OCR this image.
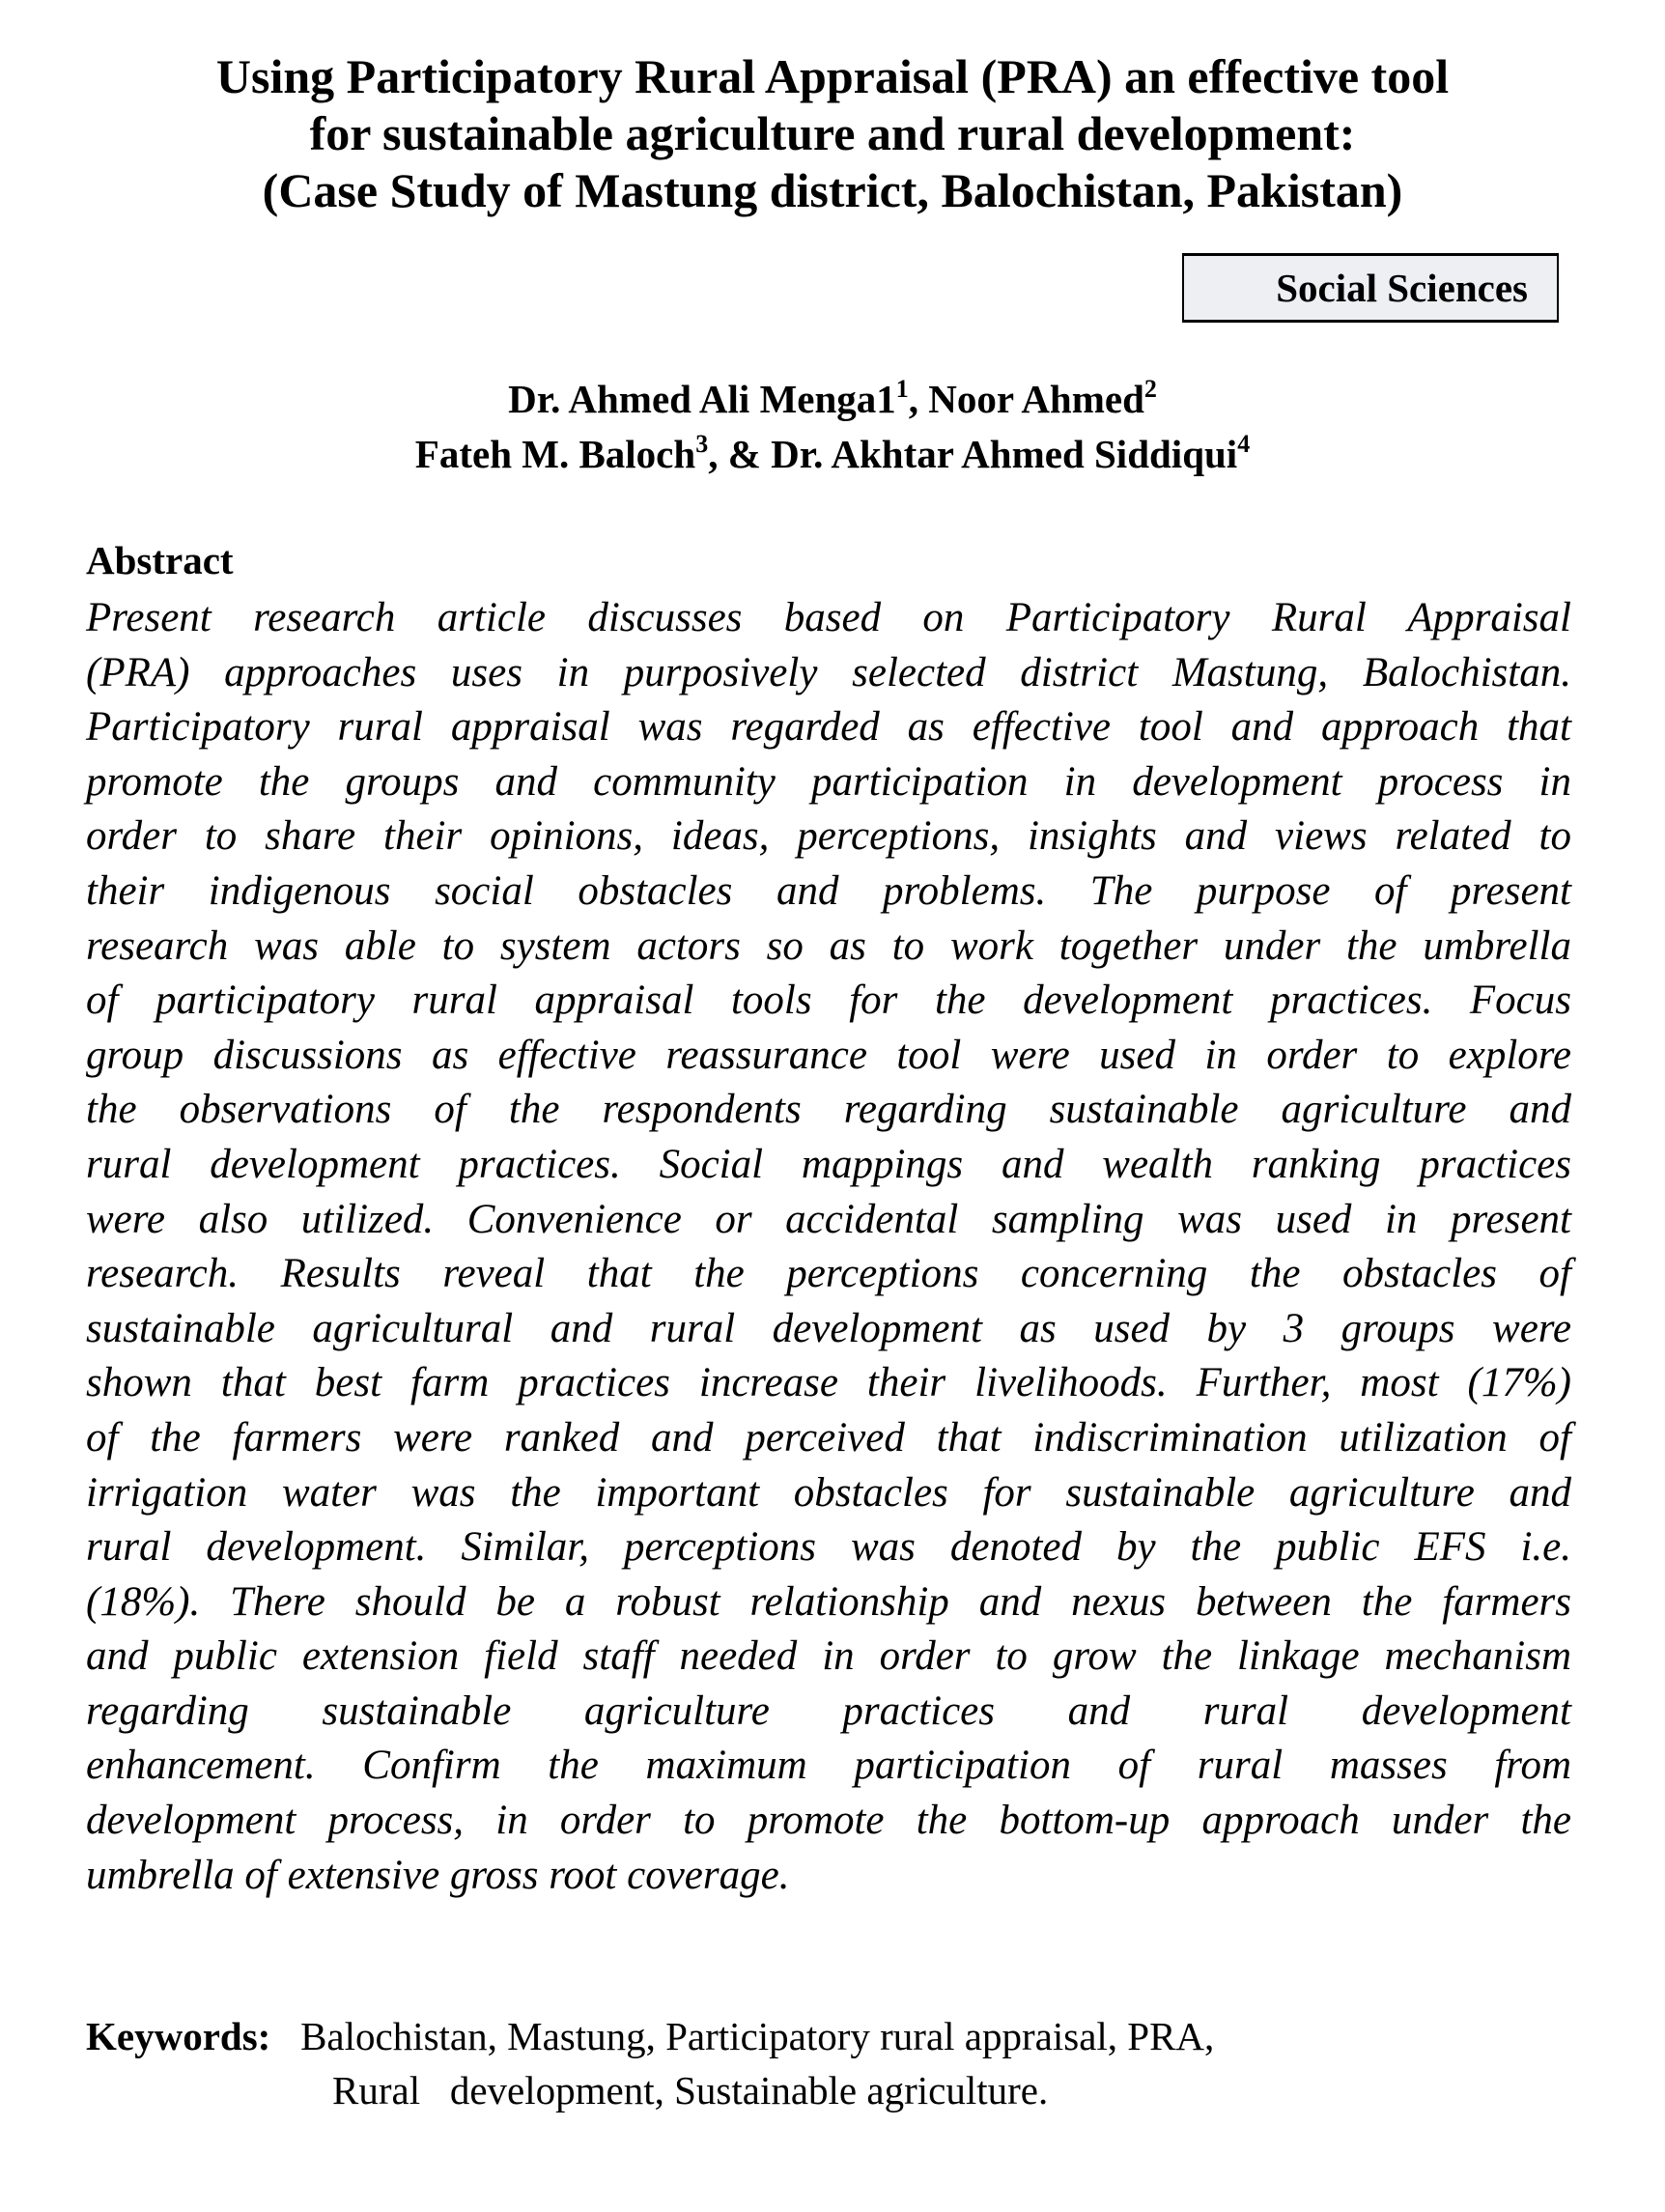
Using Participatory Rural Appraisal (PRA) an effective tool
for sustainable agriculture and rural development:
(Case Study of Mastung district, Balochistan, Pakistan)
Social Sciences
Dr. Ahmed Ali $Menga1^1$, Noor Ahmed$^2$
Fateh M. Baloch$^3$, & Dr. Akhtar Ahmed Siddiqui$^4$
Abstract
Present research article discusses based on Participatory Rural Appraisal
(PRA) approaches uses in purposively selected district Mastung, Balochistan.
Participatory rural appraisal was regarded as effective tool and approach that
promote the groups and community participation in development process in
order to share their opinions, ideas, perceptions, insights and views related to
their indigenous social obstacles and problems. The purpose of present
research was able to system actors so as to work together under the umbrella
of participatory rural appraisal tools for the development practices. Focus
group discussions as effective reassurance tool were used in order to explore
the observations of the respondents regarding sustainable agriculture and
rural development practices. Social mappings and wealth ranking practices
were also utilized. Convenience or accidental sampling was used in present
research. Results reveal that the perceptions concerning the obstacles of
sustainable agricultural and rural development as used by 3 groups were
shown that best farm practices increase their livelihoods. Further, most (17%)
of the farmers were ranked and perceived that indiscrimination utilization of
irrigation water was the important obstacles for sustainable agriculture and
rural development. Similar, perceptions was denoted by the public EFS i.e.
(18%). There should be a robust relationship and nexus between the farmers
and public extension field staff needed in order to grow the linkage mechanism
regarding sustainable agriculture practices and rural development
enhancement. Confirm the maximum participation of rural masses from
development process, in order to promote the bottom-up approach under the
umbrella of extensive gross root coverage.
Keywords: Balochistan, Mastung, Participatory rural appraisal, PRA,
Rural   development, Sustainable agriculture.
